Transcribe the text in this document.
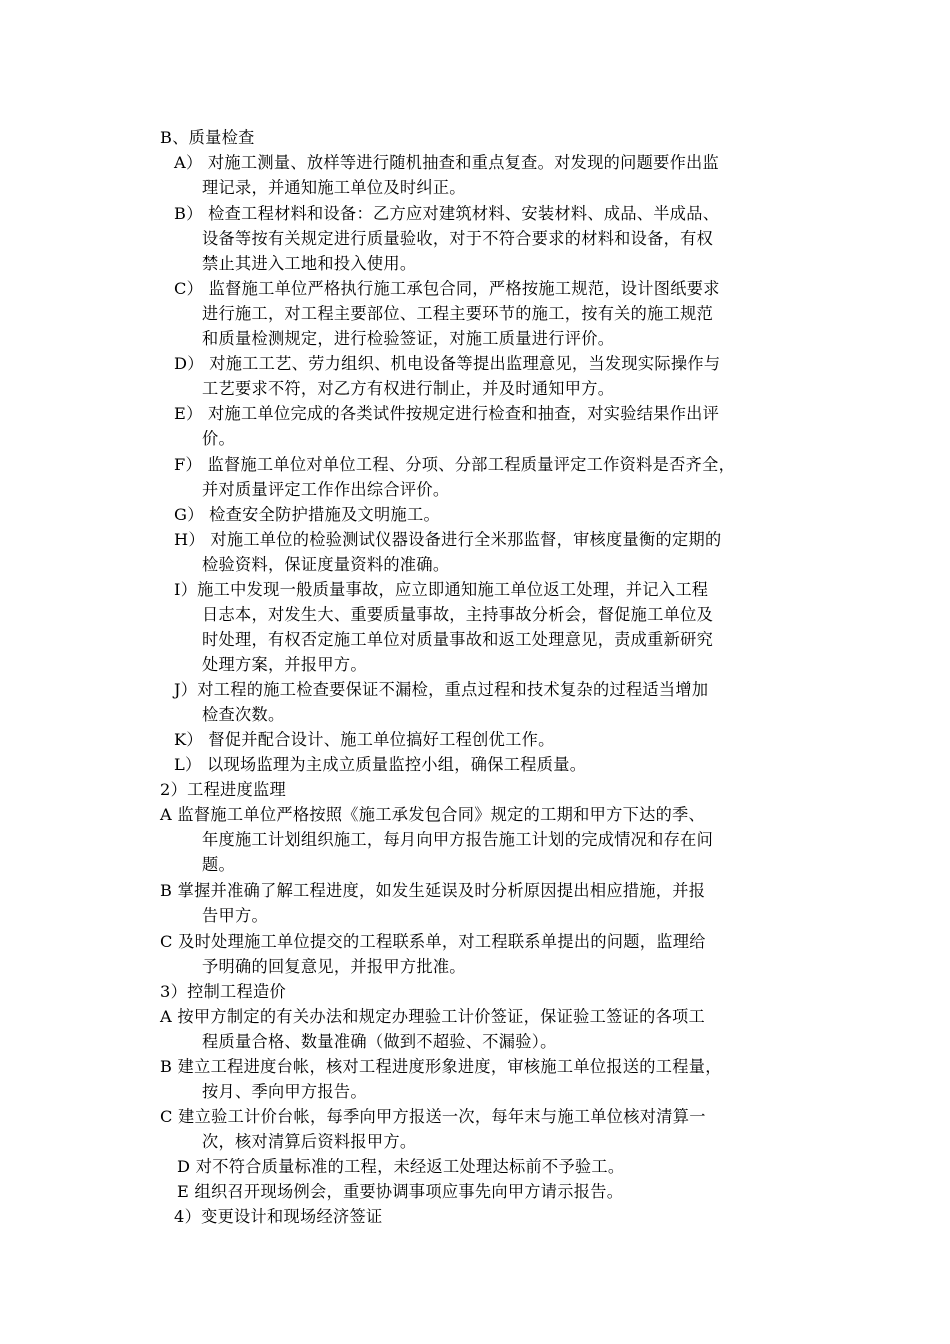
B、质量检查
A） 对施工测量、放样等进行随机抽查和重点复查。对发现的问题要作出监
理记录，并通知施工单位及时纠正。
B） 检查工程材料和设备：乙方应对建筑材料、安装材料、成品、半成品、
设备等按有关规定进行质量验收，对于不符合要求的材料和设备，有权
禁止其进入工地和投入使用。
C） 监督施工单位严格执行施工承包合同，严格按施工规范，设计图纸要求
进行施工，对工程主要部位、工程主要环节的施工，按有关的施工规范
和质量检测规定，进行检验签证，对施工质量进行评价。
D） 对施工工艺、劳力组织、机电设备等提出监理意见，当发现实际操作与
工艺要求不符，对乙方有权进行制止，并及时通知甲方。
E） 对施工单位完成的各类试件按规定进行检查和抽查，对实验结果作出评
价。
F） 监督施工单位对单位工程、分项、分部工程质量评定工作资料是否齐全，
并对质量评定工作作出综合评价。
G） 检查安全防护措施及文明施工。
H） 对施工单位的检验测试仪器设备进行全米那监督，审核度量衡的定期的
检验资料，保证度量资料的准确。
I）施工中发现一般质量事故，应立即通知施工单位返工处理，并记入工程
日志本，对发生大、重要质量事故，主持事故分析会，督促施工单位及
时处理，有权否定施工单位对质量事故和返工处理意见，责成重新研究
处理方案，并报甲方。
J）对工程的施工检查要保证不漏检，重点过程和技术复杂的过程适当增加
检查次数。
K） 督促并配合设计、施工单位搞好工程创优工作。
L） 以现场监理为主成立质量监控小组，确保工程质量。
2）工程进度监理
A 监督施工单位严格按照《施工承发包合同》规定的工期和甲方下达的季、
年度施工计划组织施工，每月向甲方报告施工计划的完成情况和存在问
题。
B 掌握并准确了解工程进度，如发生延误及时分析原因提出相应措施，并报
告甲方。
C 及时处理施工单位提交的工程联系单，对工程联系单提出的问题，监理给
予明确的回复意见，并报甲方批准。
3）控制工程造价
A 按甲方制定的有关办法和规定办理验工计价签证，保证验工签证的各项工
程质量合格、数量准确（做到不超验、不漏验）。
B 建立工程进度台帐，核对工程进度形象进度，审核施工单位报送的工程量，
按月、季向甲方报告。
C 建立验工计价台帐，每季向甲方报送一次，每年末与施工单位核对清算一
次，核对清算后资料报甲方。
D 对不符合质量标准的工程，未经返工处理达标前不予验工。
E 组织召开现场例会，重要协调事项应事先向甲方请示报告。
4）变更设计和现场经济签证
